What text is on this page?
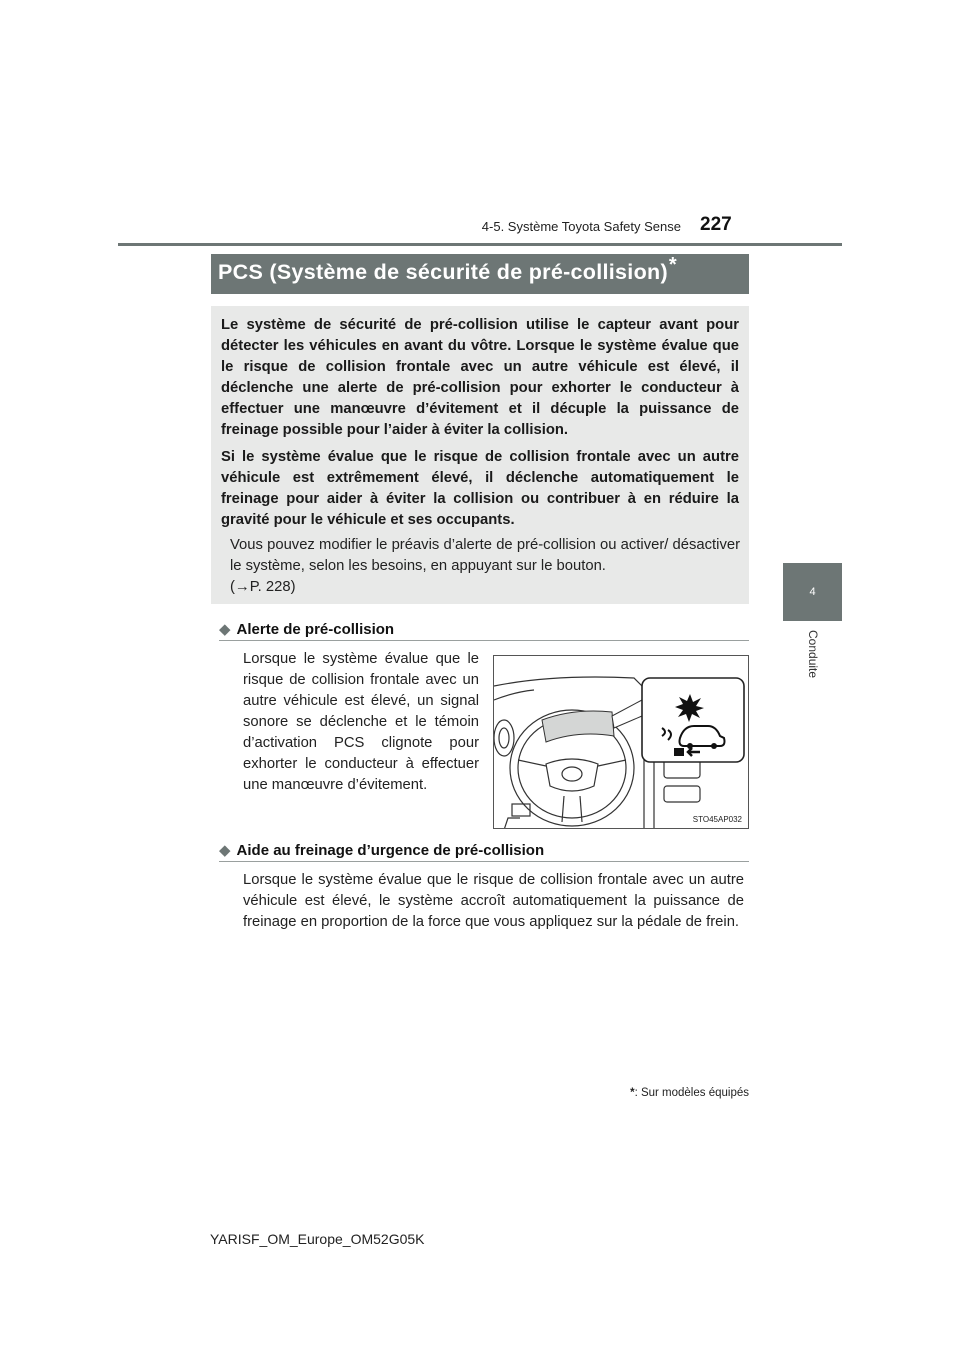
4-5. Système Toyota Safety Sense 227
4
Conduite
PCS (Système de sécurité de pré-collision)*
Le système de sécurité de pré-collision utilise le capteur avant pour détecter les véhicules en avant du vôtre. Lorsque le système évalue que le risque de collision frontale avec un autre véhicule est élevé, il déclenche une alerte de pré-collision pour exhorter le conducteur à effectuer une manœuvre d’évitement et il décuple la puissance de freinage possible pour l’aider à éviter la collision.
Si le système évalue que le risque de collision frontale avec un autre véhicule est extrêmement élevé, il déclenche automatiquement le freinage pour aider à éviter la collision ou contribuer à en réduire la gravité pour le véhicule et ses occupants.
Vous pouvez modifier le préavis d’alerte de pré-collision ou activer/ désactiver le système, selon les besoins, en appuyant sur le bouton.
(→P. 228)
◆ Alerte de pré-collision
Lorsque le système évalue que le risque de collision frontale avec un autre véhicule est élevé, un signal sonore se déclenche et le témoin d’activation PCS clignote pour exhorter le conducteur à effectuer une manœuvre d’évitement.
STO45AP032
◆ Aide au freinage d’urgence de pré-collision
Lorsque le système évalue que le risque de collision frontale avec un autre véhicule est élevé, le système accroît automatiquement la puissance de freinage en proportion de la force que vous appliquez sur la pédale de frein.
*: Sur modèles équipés
YARISF_OM_Europe_OM52G05K
